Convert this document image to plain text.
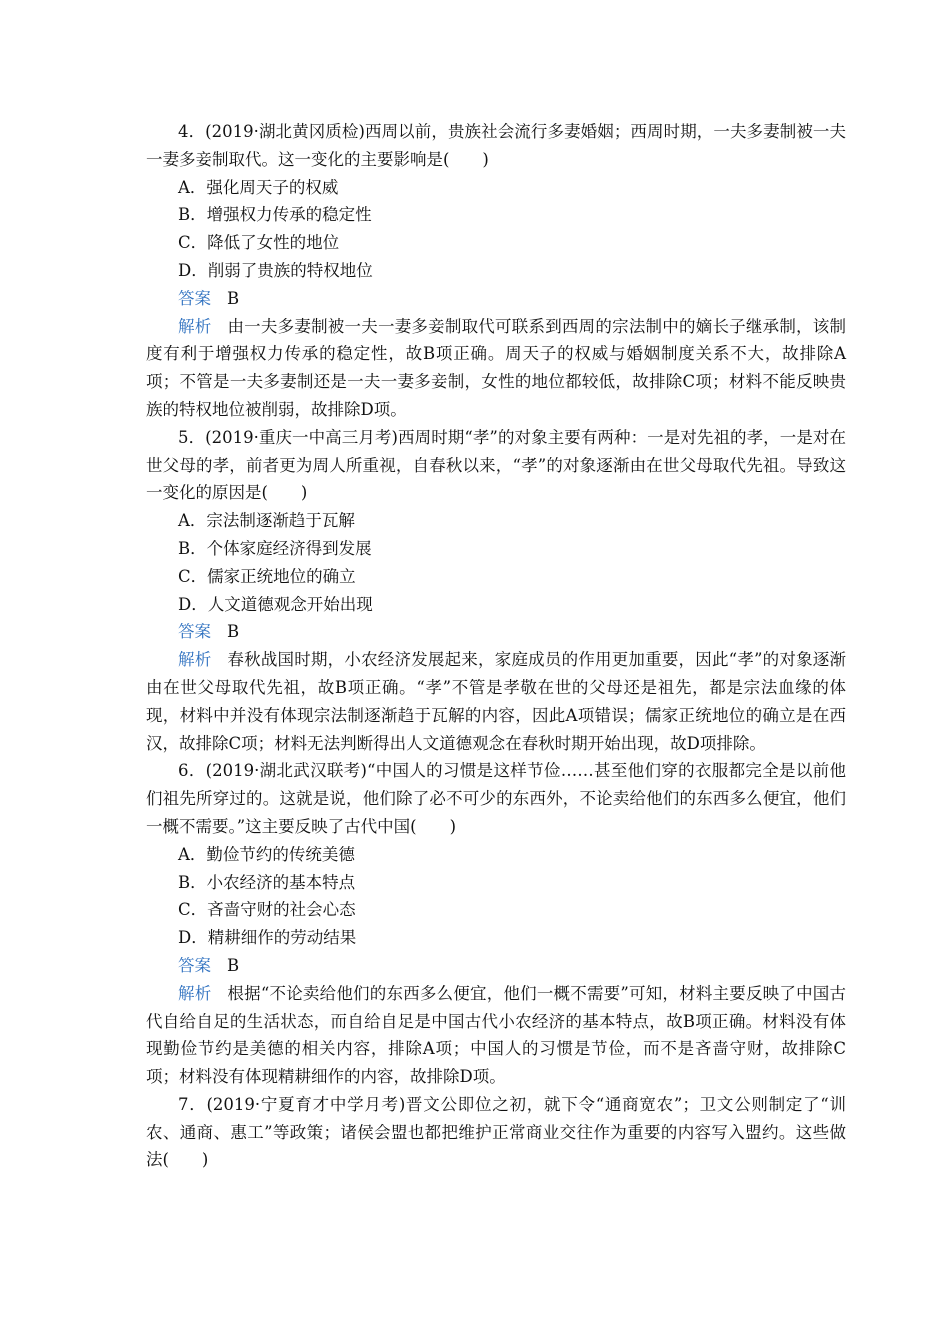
4．(2019·湖北黄冈质检)西周以前，贵族社会流行多妻婚姻；西周时期，一夫多妻制被一夫一妻多妾制取代。这一变化的主要影响是(　　)

A．强化周天子的权威

B．增强权力传承的稳定性

C．降低了女性的地位

D．削弱了贵族的特权地位

答案 B

解析 由一夫多妻制被一夫一妻多妾制取代可联系到西周的宗法制中的嫡长子继承制，该制度有利于增强权力传承的稳定性，故B项正确。周天子的权威与婚姻制度关系不大，故排除A项；不管是一夫多妻制还是一夫一妻多妾制，女性的地位都较低，故排除C项；材料不能反映贵族的特权地位被削弱，故排除D项。

5．(2019·重庆一中高三月考)西周时期“孝”的对象主要有两种：一是对先祖的孝，一是对在世父母的孝，前者更为周人所重视，自春秋以来，“孝”的对象逐渐由在世父母取代先祖。导致这一变化的原因是(　　)

A．宗法制逐渐趋于瓦解

B．个体家庭经济得到发展

C．儒家正统地位的确立

D．人文道德观念开始出现

答案 B

解析 春秋战国时期，小农经济发展起来，家庭成员的作用更加重要，因此“孝”的对象逐渐由在世父母取代先祖，故B项正确。“孝”不管是孝敬在世的父母还是祖先，都是宗法血缘的体现，材料中并没有体现宗法制逐渐趋于瓦解的内容，因此A项错误；儒家正统地位的确立是在西汉，故排除C项；材料无法判断得出人文道德观念在春秋时期开始出现，故D项排除。

6．(2019·湖北武汉联考)“中国人的习惯是这样节俭……甚至他们穿的衣服都完全是以前他们祖先所穿过的。这就是说，他们除了必不可少的东西外，不论卖给他们的东西多么便宜，他们一概不需要。”这主要反映了古代中国(　　)

A．勤俭节约的传统美德

B．小农经济的基本特点

C．吝啬守财的社会心态

D．精耕细作的劳动结果

答案 B

解析 根据“不论卖给他们的东西多么便宜，他们一概不需要”可知，材料主要反映了中国古代自给自足的生活状态，而自给自足是中国古代小农经济的基本特点，故B项正确。材料没有体现勤俭节约是美德的相关内容，排除A项；中国人的习惯是节俭，而不是吝啬守财，故排除C项；材料没有体现精耕细作的内容，故排除D项。

7．(2019·宁夏育才中学月考)晋文公即位之初，就下令“通商宽农”；卫文公则制定了“训农、通商、惠工”等政策；诸侯会盟也都把维护正常商业交往作为重要的内容写入盟约。这些做法(　　)
